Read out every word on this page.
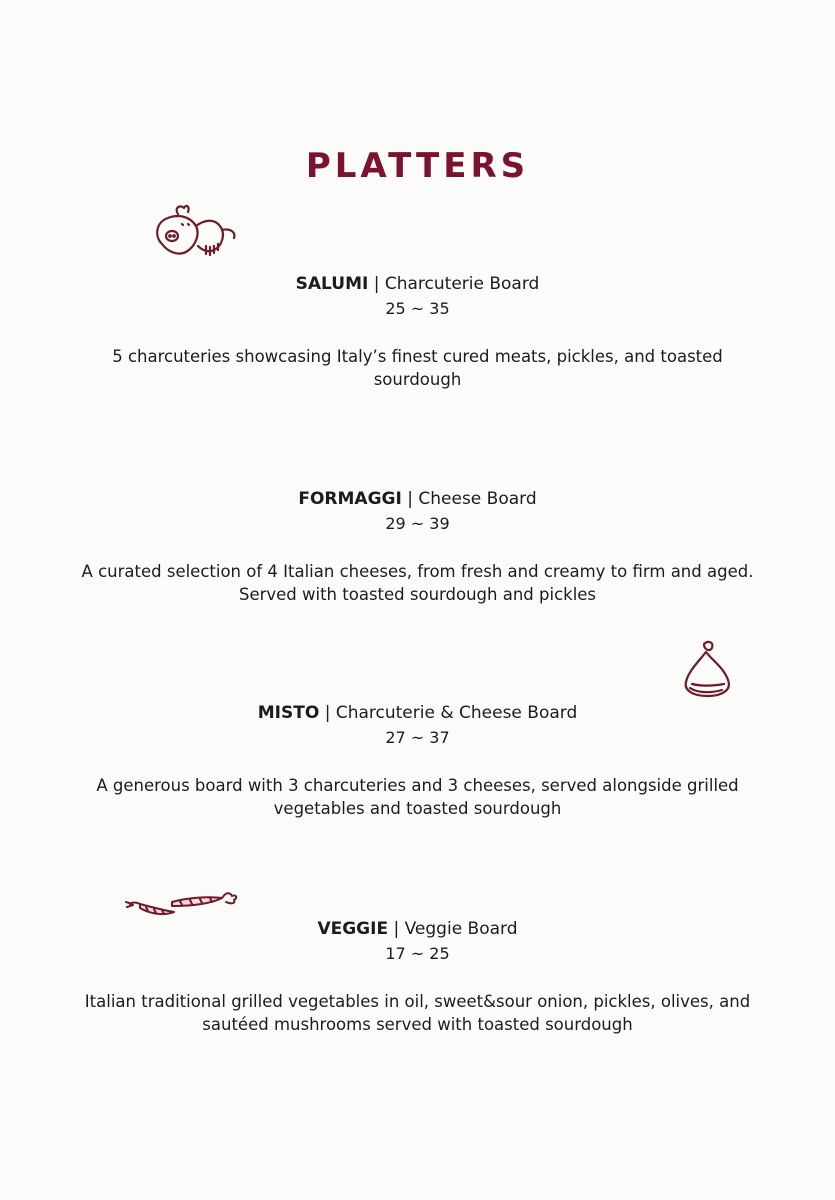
PLATTERS
SALUMI | Charcuterie Board
25 ~ 35
5 charcuteries showcasing Italy’s finest cured meats, pickles, and toasted sourdough
FORMAGGI | Cheese Board
29 ~ 39
A curated selection of 4 Italian cheeses, from fresh and creamy to firm and aged. Served with toasted sourdough and pickles
MISTO | Charcuterie & Cheese Board
27 ~ 37
A generous board with 3 charcuteries and 3 cheeses, served alongside grilled vegetables and toasted sourdough
VEGGIE | Veggie Board
17 ~ 25
Italian traditional grilled vegetables in oil, sweet&sour onion, pickles, olives, and sautéed mushrooms served with toasted sourdough
